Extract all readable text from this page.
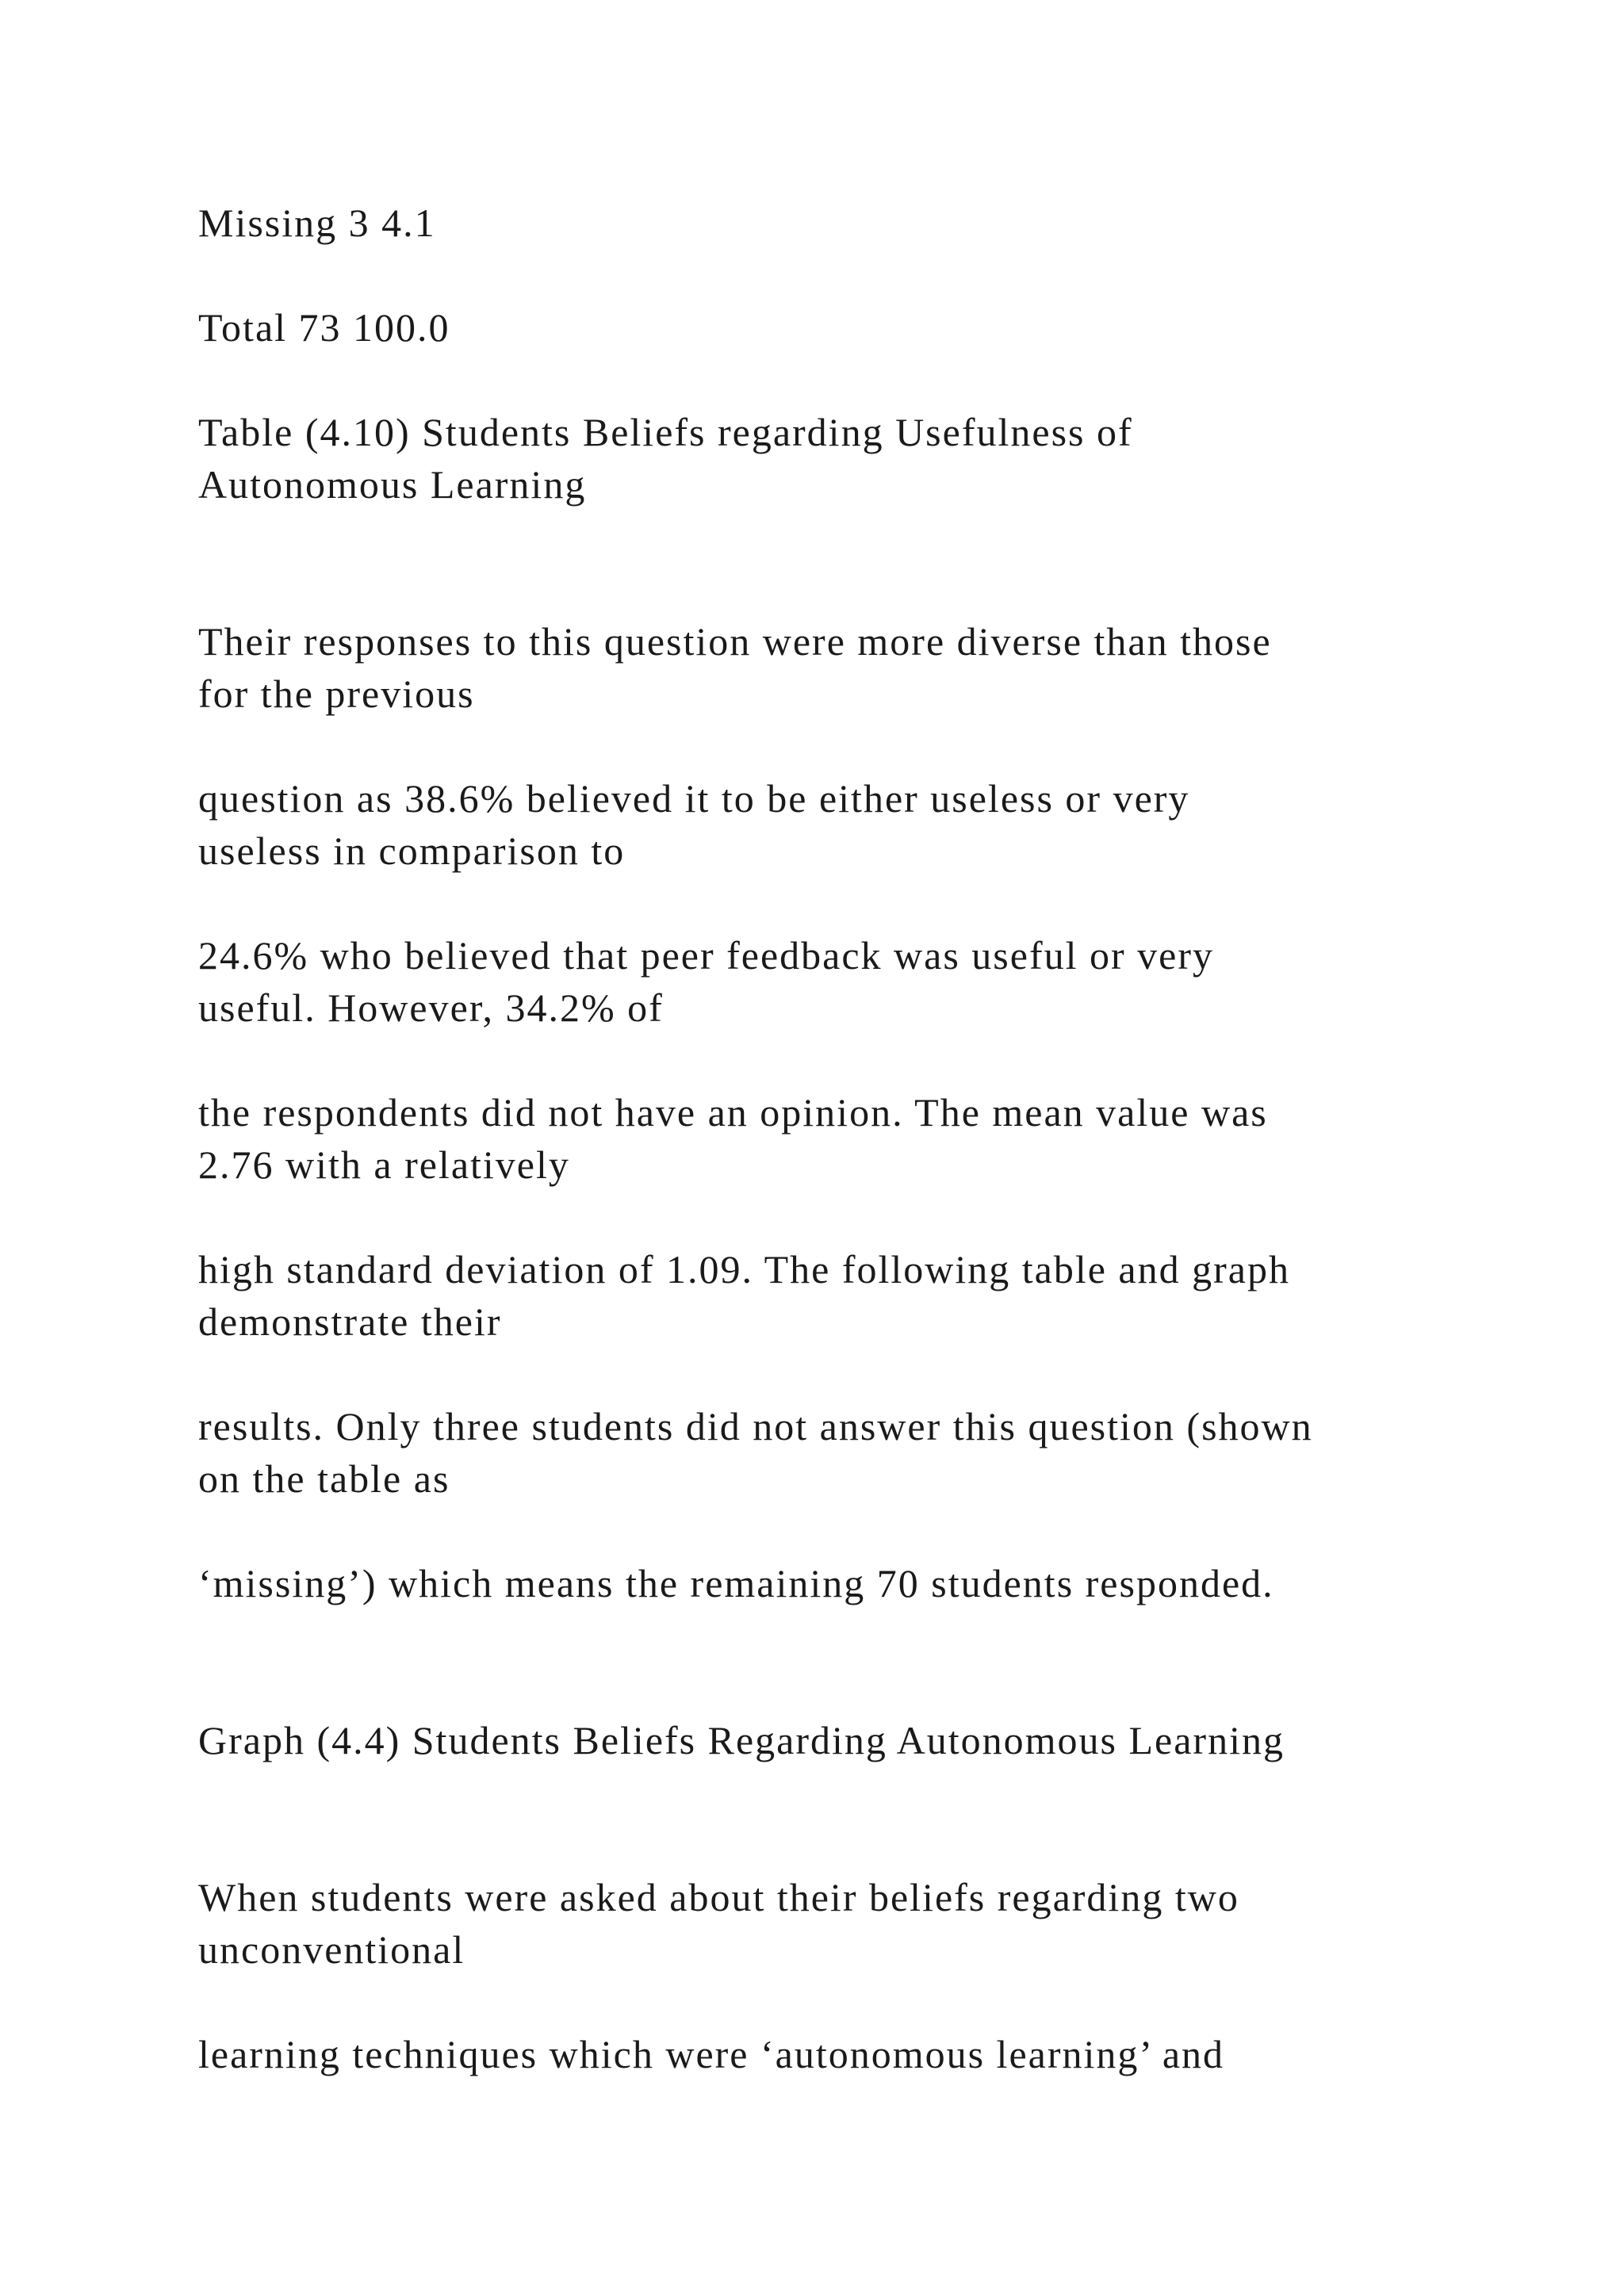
Missing 3 4.1

Total 73 100.0

Table (4.10) Students Beliefs regarding Usefulness of

Autonomous Learning

Their responses to this question were more diverse than those

for the previous

question as 38.6% believed it to be either useless or very

useless in comparison to

24.6% who believed that peer feedback was useful or very

useful. However, 34.2% of

the respondents did not have an opinion. The mean value was

2.76 with a relatively

high standard deviation of 1.09. The following table and graph

demonstrate their

results. Only three students did not answer this question (shown

on the table as

‘missing’) which means the remaining 70 students responded.

Graph (4.4) Students Beliefs Regarding Autonomous Learning

When students were asked about their beliefs regarding two

unconventional

learning techniques which were ‘autonomous learning’ and
